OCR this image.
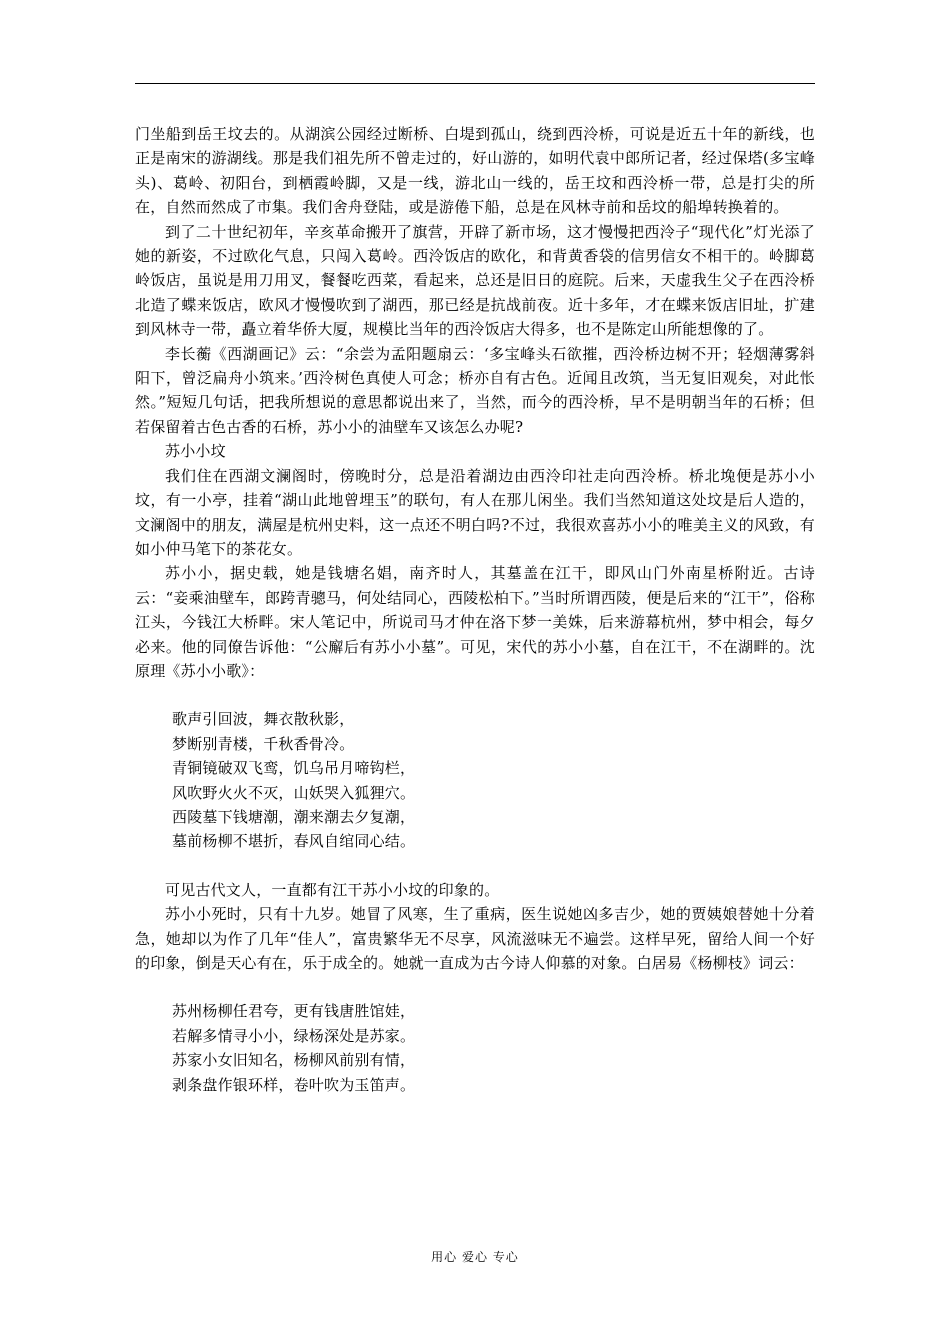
门坐船到岳王坟去的。从湖滨公园经过断桥、白堤到孤山，绕到西泠桥，可说是近五十年的新线，也正是南宋的游湖线。那是我们祖先所不曾走过的，好山游的，如明代袁中郎所记者，经过保塔(多宝峰头)、葛岭、初阳台，到栖霞岭脚，又是一线，游北山一线的，岳王坟和西泠桥一带，总是打尖的所在，自然而然成了市集。我们舍舟登陆，或是游倦下船，总是在风林寺前和岳坟的船埠转换着的。

到了二十世纪初年，辛亥革命搬开了旗营，开辟了新市场，这才慢慢把西泠子“现代化”灯光添了她的新姿，不过欧化气息，只闯入葛岭。西泠饭店的欧化，和背黄香袋的信男信女不相干的。岭脚葛岭饭店，虽说是用刀用叉，餐餐吃西菜，看起来，总还是旧日的庭院。后来，天虚我生父子在西泠桥北造了蝶来饭店，欧风才慢慢吹到了湖西，那已经是抗战前夜。近十多年，才在蝶来饭店旧址，扩建到风林寺一带，矗立着华侨大厦，规模比当年的西泠饭店大得多，也不是陈定山所能想像的了。

李长蘅《西湖画记》云：“余尝为孟阳题扇云：‘多宝峰头石欲摧，西泠桥边树不开；轻烟薄雾斜阳下，曾泛扁舟小筑来。’西泠树色真使人可念；桥亦自有古色。近闻且改筑，当无复旧观矣，对此怅然。”短短几句话，把我所想说的意思都说出来了，当然，而今的西泠桥，早不是明朝当年的石桥；但若保留着古色古香的石桥，苏小小的油壁车又该怎么办呢?

苏小小坟

我们住在西湖文澜阁时，傍晚时分，总是沿着湖边由西泠印社走向西泠桥。桥北堍便是苏小小坟，有一小亭，挂着“湖山此地曾埋玉”的联句，有人在那儿闲坐。我们当然知道这处坟是后人造的，文澜阁中的朋友，满屋是杭州史料，这一点还不明白吗?不过，我很欢喜苏小小的唯美主义的风致，有如小仲马笔下的茶花女。

苏小小，据史载，她是钱塘名娼，南齐时人，其墓盖在江干，即风山门外南星桥附近。古诗云：“妾乘油壁车，郎跨青骢马，何处结同心，西陵松柏下。”当时所谓西陵，便是后来的“江干”，俗称江头，今钱江大桥畔。宋人笔记中，所说司马才仲在洛下梦一美姝，后来游幕杭州，梦中相会，每夕必来。他的同僚告诉他：“公廨后有苏小小墓”。可见，宋代的苏小小墓，自在江干，不在湖畔的。沈原理《苏小小歌》：

歌声引回波，舞衣散秋影，
梦断别青楼，千秋香骨冷。
青铜镜破双飞鸾，饥乌吊月啼钩栏，
风吹野火火不灭，山妖哭入狐狸穴。
西陵墓下钱塘潮，潮来潮去夕复潮，
墓前杨柳不堪折，春风自绾同心结。

可见古代文人，一直都有江干苏小小坟的印象的。

苏小小死时，只有十九岁。她冒了风寒，生了重病，医生说她凶多吉少，她的贾姨娘替她十分着急，她却以为作了几年“佳人”，富贵繁华无不尽享，风流滋味无不遍尝。这样早死，留给人间一个好的印象，倒是天心有在，乐于成全的。她就一直成为古今诗人仰慕的对象。白居易《杨柳枝》词云：

苏州杨柳任君夸，更有钱唐胜馆娃，
若解多情寻小小，绿杨深处是苏家。
苏家小女旧知名，杨柳风前别有情，
剥条盘作银环样，卷叶吹为玉笛声。
用心 爱心 专心
